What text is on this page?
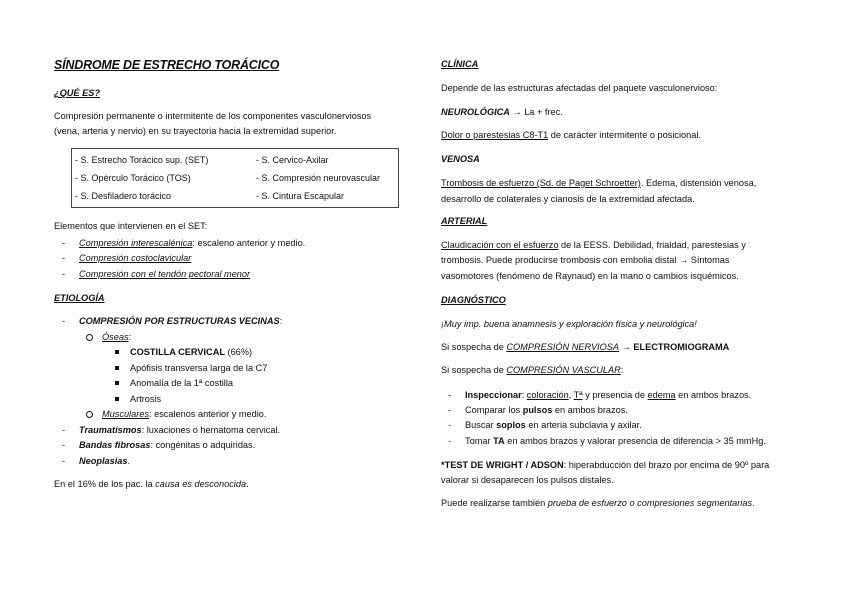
SÍNDROME DE ESTRECHO TORÁCICO
¿QUÉ ES?
Compresión permanente o intermitente de los componentes vasculonerviosos
(vena, arteria y nervio) en su trayectoria hacia la extremidad superior.
- S. Estrecho Torácico sup. (SET)	- S. Cervico-Axilar
- S. Opérculo Torácico (TOS)	- S. Compresión neurovascular
- S. Desfiladero torácico	- S. Cintura Escapular
Elementos que intervienen en el SET:
- Compresión interescalénica: escaleno anterior y medio.
- Compresión costoclavicular
- Compresión con el tendón pectoral menor
ETIOLOGÍA
- COMPRESIÓN POR ESTRUCTURAS VECINAS:
Óseas:
COSTILLA CERVICAL (66%)
Apófisis transversa larga de la C7
Anomalía de la 1ª costilla
Artrosis
Musculares: escalenos anterior y medio.
- Traumatismos: luxaciones o hematoma cervical.
- Bandas fibrosas: congénitas o adquiridas.
- Neoplasias.
En el 16% de los pac. la causa es desconocida.
CLÍNICA
Depende de las estructuras afectadas del paquete vasculonervioso:
NEUROLÓGICA → La + frec.
Dolor o parestesias C8-T1 de carácter intermitente o posicional.
VENOSA
Trombosis de esfuerzo (Sd. de Paget Schroetter). Edema, distensión venosa,
desarrollo de colaterales y cianosis de la extremidad afectada.
ARTERIAL
Claudicación con el esfuerzo de la EESS. Debilidad, frialdad, parestesias y
trombosis. Puede producirse trombosis con embolia distal → Síntomas
vasomotores (fenómeno de Raynaud) en la mano o cambios isquémicos.
DIAGNÓSTICO
¡Muy imp. buena anamnesis y exploración física y neurológica!
Si sospecha de COMPRESIÓN NERVIOSA → ELECTROMIOGRAMA
Si sospecha de COMPRESIÓN VASCULAR:
- Inspeccionar: coloración, Tª y presencia de edema en ambos brazos.
- Comparar los pulsos en ambos brazos.
- Buscar soplos en arteria subclavia y axilar.
- Tomar TA en ambos brazos y valorar presencia de diferencia > 35 mmHg.
*TEST DE WRIGHT / ADSON: hiperabducción del brazo por encima de 90º para
valorar si desaparecen los pulsos distales.
Puede realizarse también prueba de esfuerzo o compresiones segmentarias.
